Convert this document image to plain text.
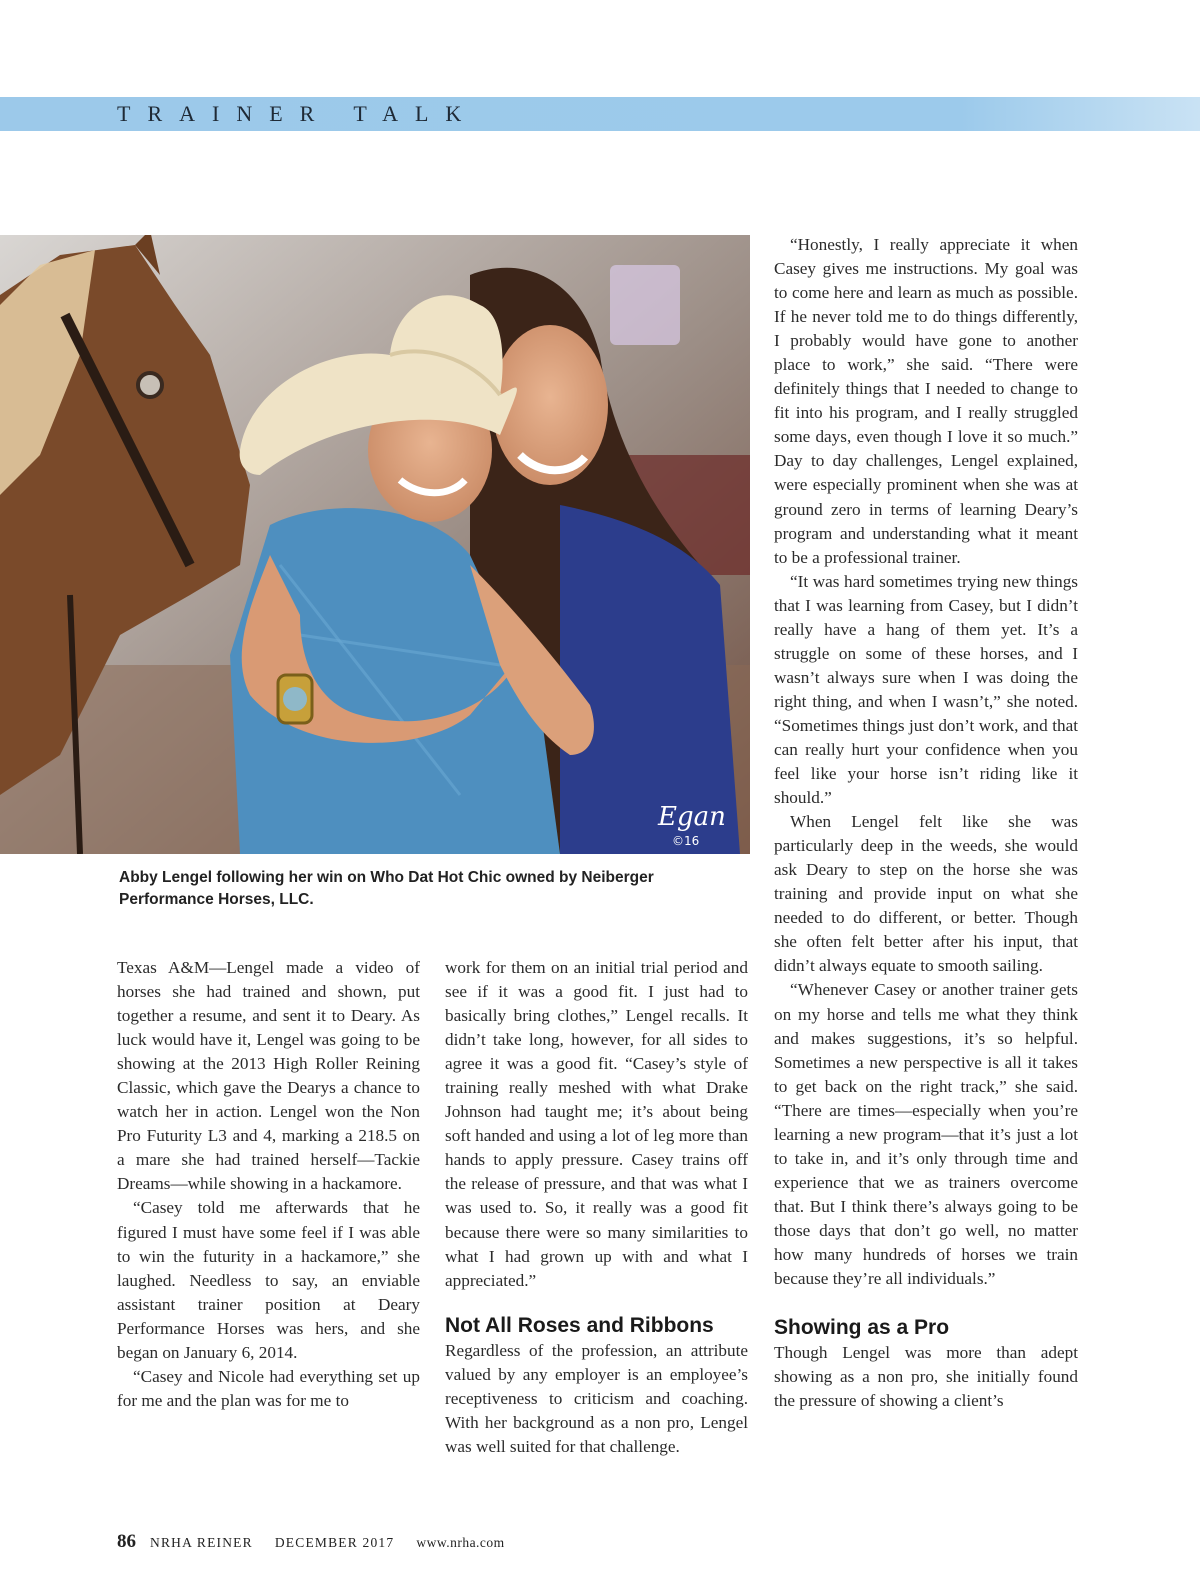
TRAINER TALK
Egan
©16
Abby Lengel following her win on Who Dat Hot Chic owned by Neiberger Performance Horses, LLC.

Texas A&M—Lengel made a video of horses she had trained and shown, put together a resume, and sent it to Deary. As luck would have it, Lengel was going to be showing at the 2013 High Roller Reining Classic, which gave the Dearys a chance to watch her in action. Lengel won the Non Pro Futurity L3 and 4, marking a 218.5 on a mare she had trained herself—Tackie Dreams—while showing in a hackamore.

“Casey told me afterwards that he figured I must have some feel if I was able to win the futurity in a hackamore,” she laughed. Needless to say, an enviable assistant trainer position at Deary Performance Horses was hers, and she began on January 6, 2014.

“Casey and Nicole had everything set up for me and the plan was for me to

work for them on an initial trial period and see if it was a good fit. I just had to basically bring clothes,” Lengel recalls. It didn’t take long, however, for all sides to agree it was a good fit. “Casey’s style of training really meshed with what Drake Johnson had taught me; it’s about being soft handed and using a lot of leg more than hands to apply pressure. Casey trains off the release of pressure, and that was what I was used to. So, it really was a good fit because there were so many similarities to what I had grown up with and what I appreciated.”

Not All Roses and Ribbons

Regardless of the profession, an attribute valued by any employer is an employee’s receptiveness to criticism and coaching. With her background as a non pro, Lengel was well suited for that challenge.

“Honestly, I really appreciate it when Casey gives me instructions. My goal was to come here and learn as much as possible. If he never told me to do things differently, I probably would have gone to another place to work,” she said. “There were definitely things that I needed to change to fit into his program, and I really struggled some days, even though I love it so much.” Day to day challenges, Lengel explained, were especially prominent when she was at ground zero in terms of learning Deary’s program and understanding what it meant to be a professional trainer.

“It was hard sometimes trying new things that I was learning from Casey, but I didn’t really have a hang of them yet. It’s a struggle on some of these horses, and I wasn’t always sure when I was doing the right thing, and when I wasn’t,” she noted. “Sometimes things just don’t work, and that can really hurt your confidence when you feel like your horse isn’t riding like it should.”

When Lengel felt like she was particularly deep in the weeds, she would ask Deary to step on the horse she was training and provide input on what she needed to do different, or better. Though she often felt better after his input, that didn’t always equate to smooth sailing.

“Whenever Casey or another trainer gets on my horse and tells me what they think and makes suggestions, it’s so helpful. Sometimes a new perspective is all it takes to get back on the right track,” she said. “There are times—especially when you’re learning a new program—that it’s just a lot to take in, and it’s only through time and experience that we as trainers overcome that. But I think there’s always going to be those days that don’t go well, no matter how many hundreds of horses we train because they’re all individuals.”

Showing as a Pro

Though Lengel was more than adept showing as a non pro, she initially found the pressure of showing a client’s

86 NRHA REINER DECEMBER 2017 www.nrha.com
